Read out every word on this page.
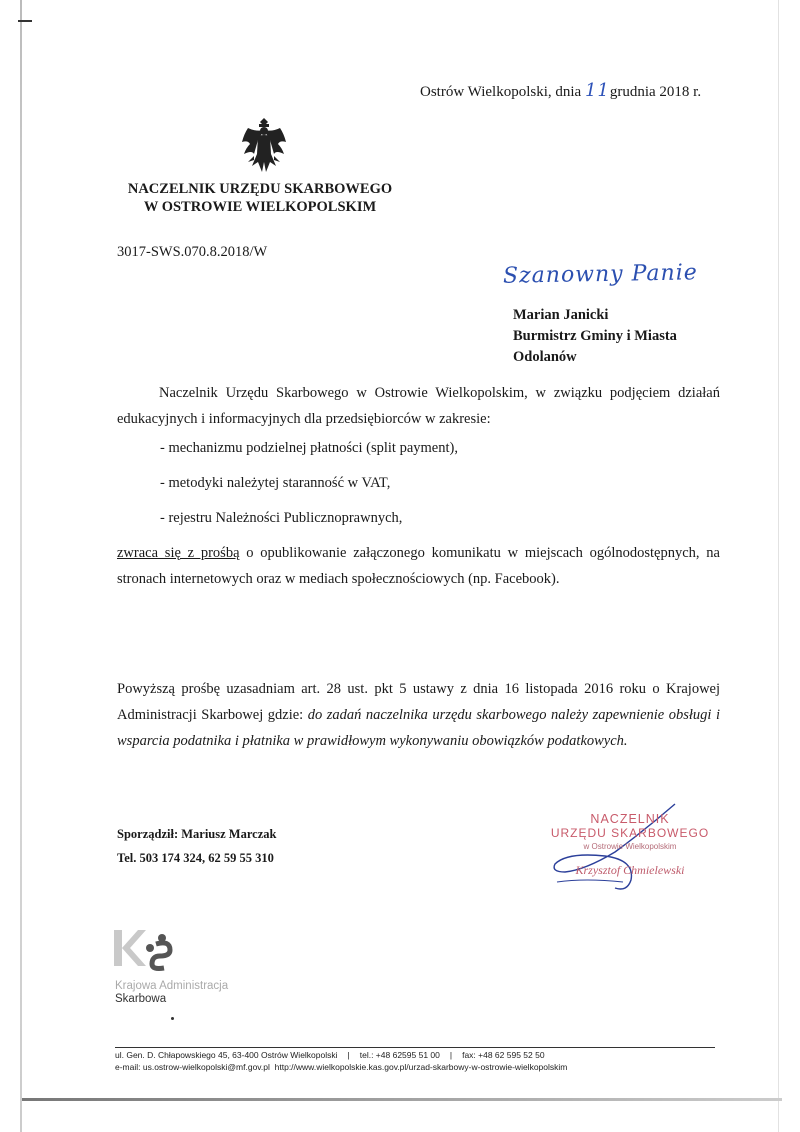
Ostrów Wielkopolski, dnia 11grudnia 2018 r.
NACZELNIK URZĘDU SKARBOWEGO
W OSTROWIE WIELKOPOLSKIM
3017-SWS.070.8.2018/W
Szanowny Panie
Marian Janicki
Burmistrz Gminy i Miasta
Odolanów
Naczelnik Urzędu Skarbowego w Ostrowie Wielkopolskim, w związku podjęciem działań edukacyjnych i informacyjnych dla przedsiębiorców w zakresie:
- mechanizmu podzielnej płatności (split payment),
- metodyki należytej staranność w VAT,
- rejestru Należności Publicznoprawnych,
zwraca się z prośbą o opublikowanie załączonego komunikatu w miejscach ogólnodostępnych, na stronach internetowych oraz w mediach społecznościowych (np. Facebook).
Powyższą prośbę uzasadniam art. 28 ust. pkt 5 ustawy z dnia 16 listopada 2016 roku o Krajowej Administracji Skarbowej gdzie: do zadań naczelnika urzędu skarbowego należy zapewnienie obsługi i wsparcia podatnika i płatnika w prawidłowym wykonywaniu obowiązków podatkowych.
Sporządził: Mariusz Marczak
Tel. 503 174 324, 62 59 55 310
NACZELNIK
URZĘDU SKARBOWEGO
w Ostrowie Wielkopolskim
Krzysztof Chmielewski
Krajowa Administracja
Skarbowa
ul. Gen. D. Chłapowskiego 45, 63-400 Ostrów Wielkopolski | tel.: +48 62595 51 00 | fax: +48 62 595 52 50
e-mail: us.ostrow-wielkopolski@mf.gov.pl http://www.wielkopolskie.kas.gov.pl/urzad-skarbowy-w-ostrowie-wielkopolskim
